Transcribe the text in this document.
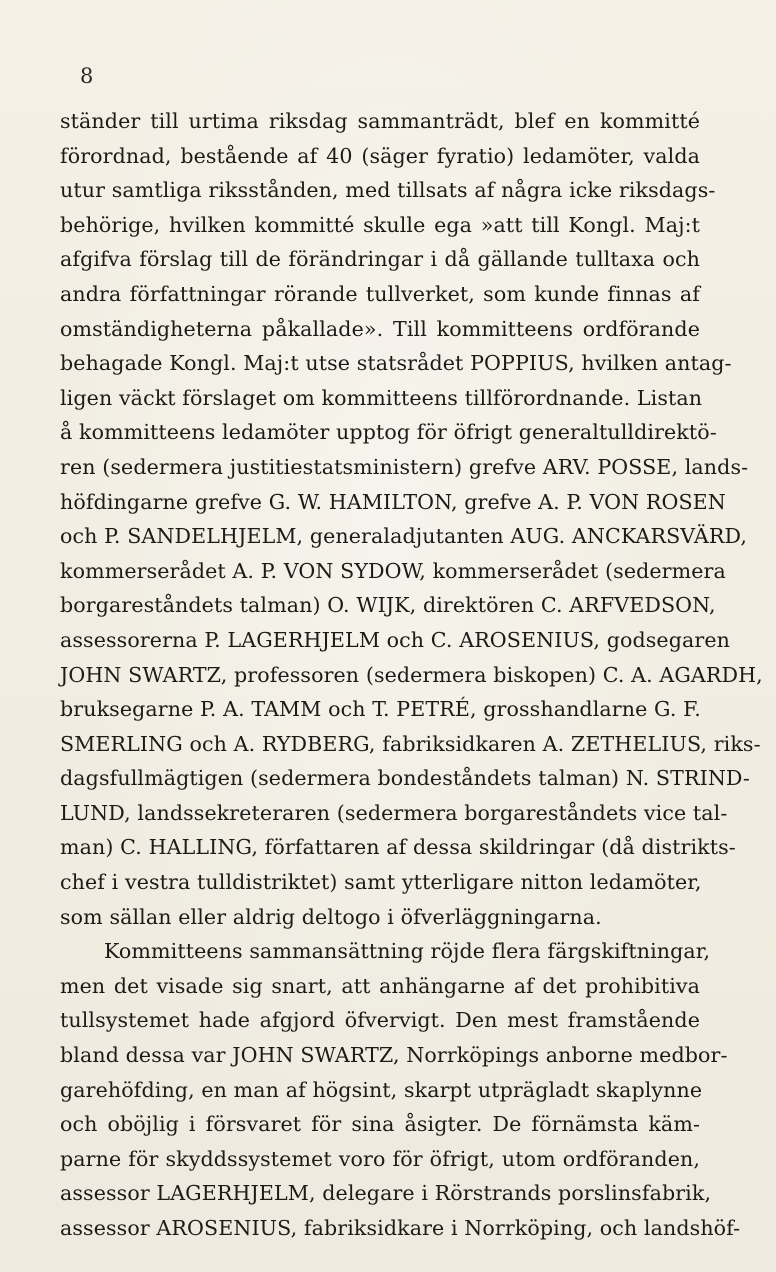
8
ständer till urtima riksdag sammanträdt, blef en kommitté
förordnad, bestående af 40 (säger fyratio) ledamöter, valda
utur samtliga riksstånden, med tillsats af några icke riksdags-
behörige, hvilken kommitté skulle ega »att till Kongl. Maj:t
afgifva förslag till de förändringar i då gällande tulltaxa och
andra författningar rörande tullverket, som kunde finnas af
omständigheterna påkallade». Till kommitteens ordförande
behagade Kongl. Maj:t utse statsrådet POPPIUS, hvilken antag-
ligen väckt förslaget om kommitteens tillförordnande. Listan
å kommitteens ledamöter upptog för öfrigt generaltulldirektö-
ren (sedermera justitiestatsministern) grefve ARV. POSSE, lands-
höfdingarne grefve G. W. HAMILTON, grefve A. P. VON ROSEN
och P. SANDELHJELM, generaladjutanten AUG. ANCKARSVÄRD,
kommerserådet A. P. VON SYDOW, kommerserådet (sedermera
borgareståndets talman) O. WIJK, direktören C. ARFVEDSON,
assessorerna P. LAGERHJELM och C. AROSENIUS, godsegaren
JOHN SWARTZ, professoren (sedermera biskopen) C. A. AGARDH,
bruksegarne P. A. TAMM och T. PETRÉ, grosshandlarne G. F.
SMERLING och A. RYDBERG, fabriksidkaren A. ZETHELIUS, riks-
dagsfullmägtigen (sedermera bondeståndets talman) N. STRIND-
LUND, landssekreteraren (sedermera borgareståndets vice tal-
man) C. HALLING, författaren af dessa skildringar (då distrikts-
chef i vestra tulldistriktet) samt ytterligare nitton ledamöter,
som sällan eller aldrig deltogo i öfverläggningarna.
Kommitteens sammansättning röjde flera färgskiftningar,
men det visade sig snart, att anhängarne af det prohibitiva
tullsystemet hade afgjord öfvervigt. Den mest framstående
bland dessa var JOHN SWARTZ, Norrköpings anborne medbor-
garehöfding, en man af högsint, skarpt utprägladt skaplynne
och oböjlig i försvaret för sina åsigter. De förnämsta käm-
parne för skyddssystemet voro för öfrigt, utom ordföranden,
assessor LAGERHJELM, delegare i Rörstrands porslinsfabrik,
assessor AROSENIUS, fabriksidkare i Norrköping, och landshöf-
